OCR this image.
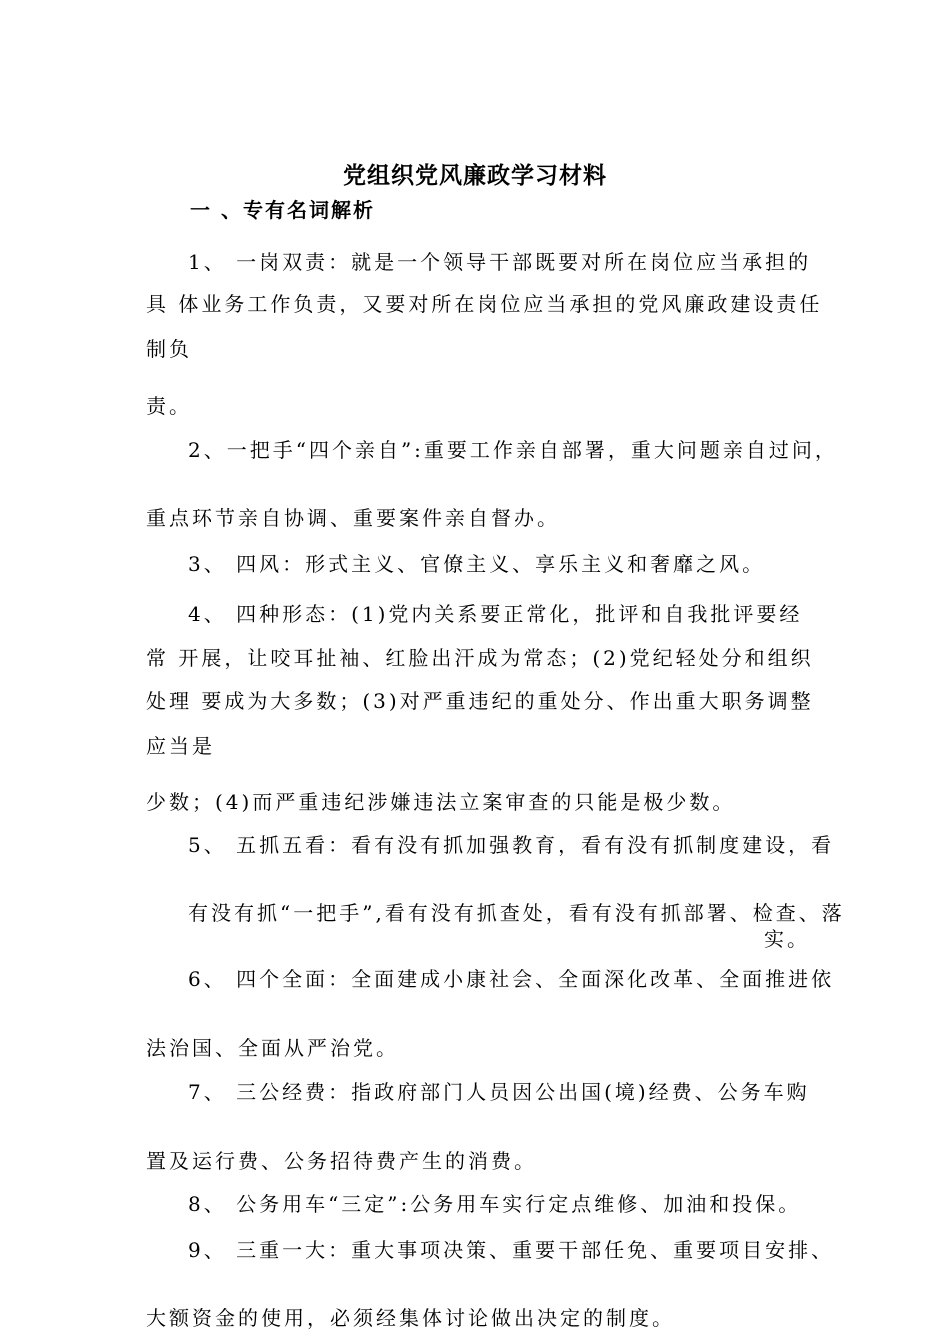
党组织党风廉政学习材料
一 、专有名词解析
1、 一岗双责：就是一个领导干部既要对所在岗位应当承担的
具 体业务工作负责，又要对所在岗位应当承担的党风廉政建设责任
制负
责。
2、一把手“四个亲自”:重要工作亲自部署，重大问题亲自过问，
重点环节亲自协调、重要案件亲自督办。
3、 四风：形式主义、官僚主义、享乐主义和奢靡之风。
4、 四种形态：(1)党内关系要正常化，批评和自我批评要经
常 开展，让咬耳扯袖、红脸出汗成为常态；(2)党纪轻处分和组织
处理 要成为大多数；(3)对严重违纪的重处分、作出重大职务调整
应当是
少数；(4)而严重违纪涉嫌违法立案审查的只能是极少数。
5、 五抓五看：看有没有抓加强教育，看有没有抓制度建设，看
有没有抓“一把手”,看有没有抓查处，看有没有抓部署、检查、落
实。
6、 四个全面：全面建成小康社会、全面深化改革、全面推进依
法治国、全面从严治党。
7、 三公经费：指政府部门人员因公出国(境)经费、公务车购
置及运行费、公务招待费产生的消费。
8、 公务用车“三定”:公务用车实行定点维修、加油和投保。
9、 三重一大：重大事项决策、重要干部任免、重要项目安排、
大额资金的使用，必须经集体讨论做出决定的制度。
